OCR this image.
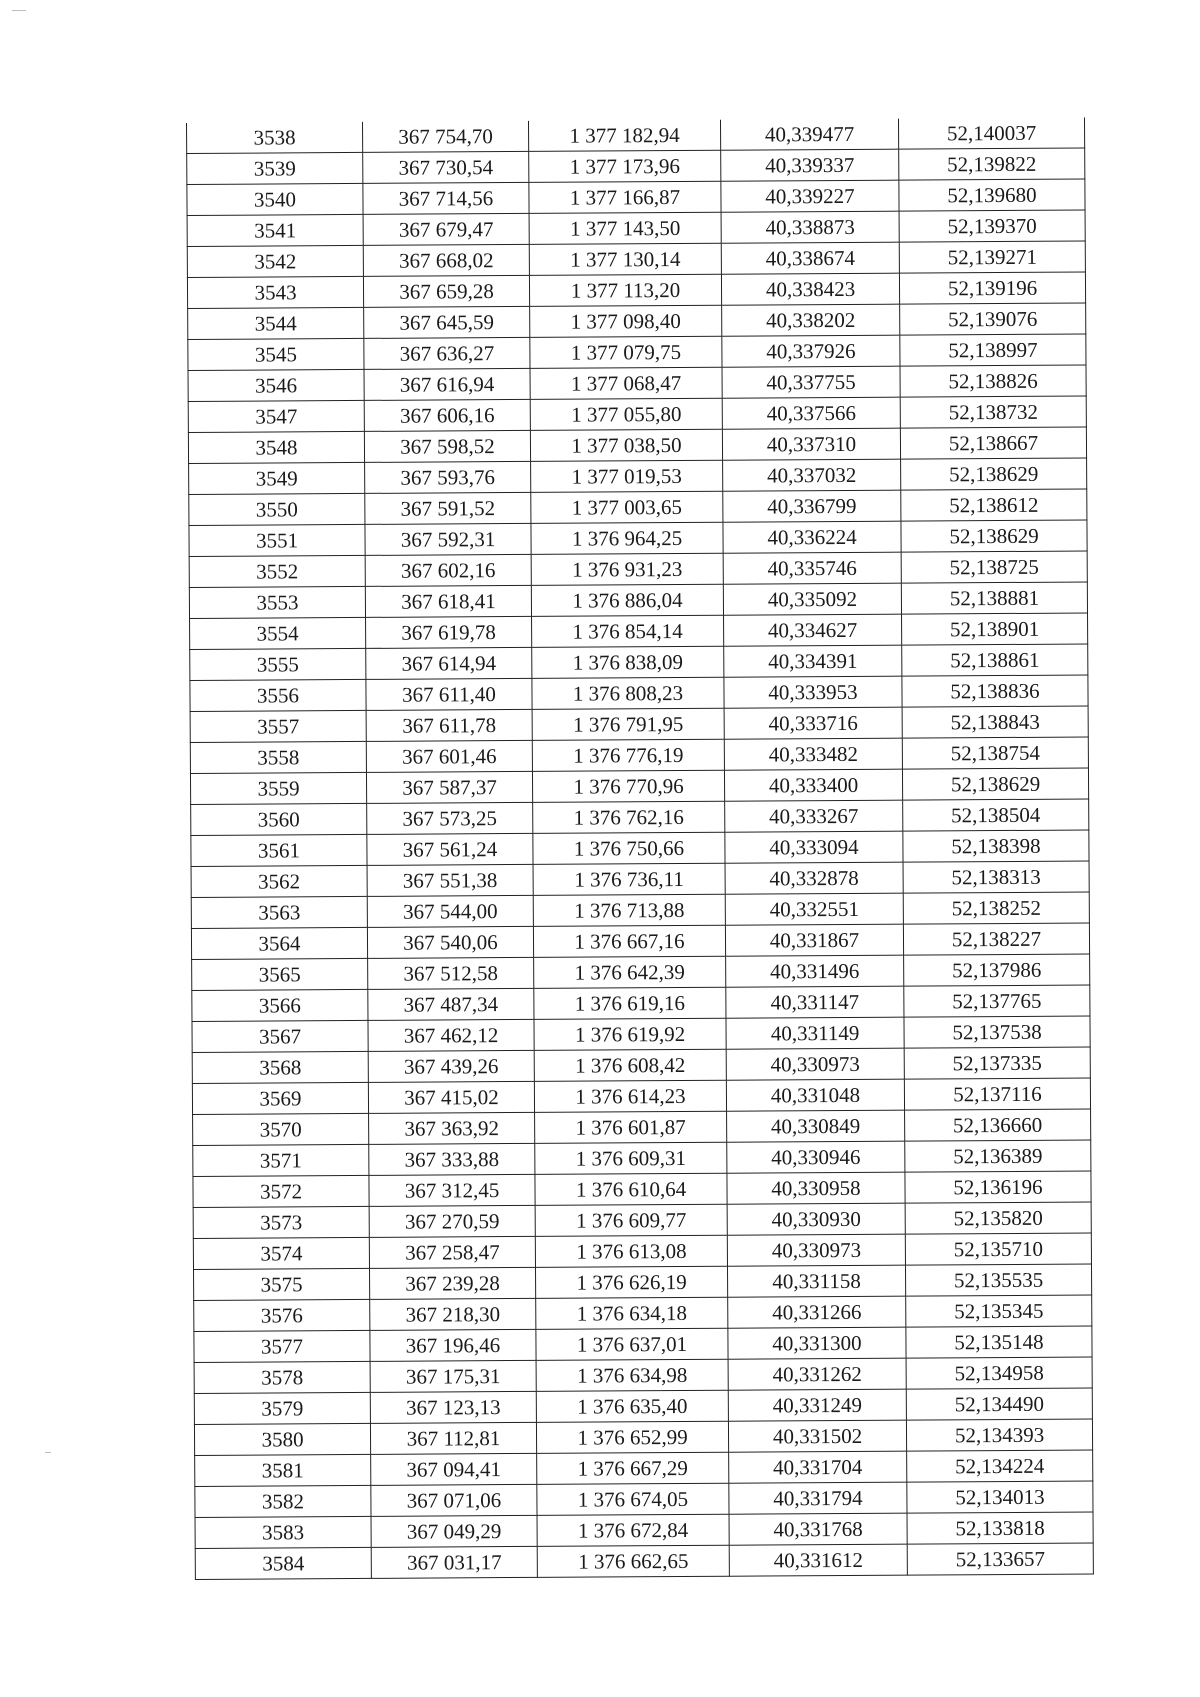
3538	367 754,70	1 377 182,94	40,339477	52,140037
3539	367 730,54	1 377 173,96	40,339337	52,139822
3540	367 714,56	1 377 166,87	40,339227	52,139680
3541	367 679,47	1 377 143,50	40,338873	52,139370
3542	367 668,02	1 377 130,14	40,338674	52,139271
3543	367 659,28	1 377 113,20	40,338423	52,139196
3544	367 645,59	1 377 098,40	40,338202	52,139076
3545	367 636,27	1 377 079,75	40,337926	52,138997
3546	367 616,94	1 377 068,47	40,337755	52,138826
3547	367 606,16	1 377 055,80	40,337566	52,138732
3548	367 598,52	1 377 038,50	40,337310	52,138667
3549	367 593,76	1 377 019,53	40,337032	52,138629
3550	367 591,52	1 377 003,65	40,336799	52,138612
3551	367 592,31	1 376 964,25	40,336224	52,138629
3552	367 602,16	1 376 931,23	40,335746	52,138725
3553	367 618,41	1 376 886,04	40,335092	52,138881
3554	367 619,78	1 376 854,14	40,334627	52,138901
3555	367 614,94	1 376 838,09	40,334391	52,138861
3556	367 611,40	1 376 808,23	40,333953	52,138836
3557	367 611,78	1 376 791,95	40,333716	52,138843
3558	367 601,46	1 376 776,19	40,333482	52,138754
3559	367 587,37	1 376 770,96	40,333400	52,138629
3560	367 573,25	1 376 762,16	40,333267	52,138504
3561	367 561,24	1 376 750,66	40,333094	52,138398
3562	367 551,38	1 376 736,11	40,332878	52,138313
3563	367 544,00	1 376 713,88	40,332551	52,138252
3564	367 540,06	1 376 667,16	40,331867	52,138227
3565	367 512,58	1 376 642,39	40,331496	52,137986
3566	367 487,34	1 376 619,16	40,331147	52,137765
3567	367 462,12	1 376 619,92	40,331149	52,137538
3568	367 439,26	1 376 608,42	40,330973	52,137335
3569	367 415,02	1 376 614,23	40,331048	52,137116
3570	367 363,92	1 376 601,87	40,330849	52,136660
3571	367 333,88	1 376 609,31	40,330946	52,136389
3572	367 312,45	1 376 610,64	40,330958	52,136196
3573	367 270,59	1 376 609,77	40,330930	52,135820
3574	367 258,47	1 376 613,08	40,330973	52,135710
3575	367 239,28	1 376 626,19	40,331158	52,135535
3576	367 218,30	1 376 634,18	40,331266	52,135345
3577	367 196,46	1 376 637,01	40,331300	52,135148
3578	367 175,31	1 376 634,98	40,331262	52,134958
3579	367 123,13	1 376 635,40	40,331249	52,134490
3580	367 112,81	1 376 652,99	40,331502	52,134393
3581	367 094,41	1 376 667,29	40,331704	52,134224
3582	367 071,06	1 376 674,05	40,331794	52,134013
3583	367 049,29	1 376 672,84	40,331768	52,133818
3584	367 031,17	1 376 662,65	40,331612	52,133657
